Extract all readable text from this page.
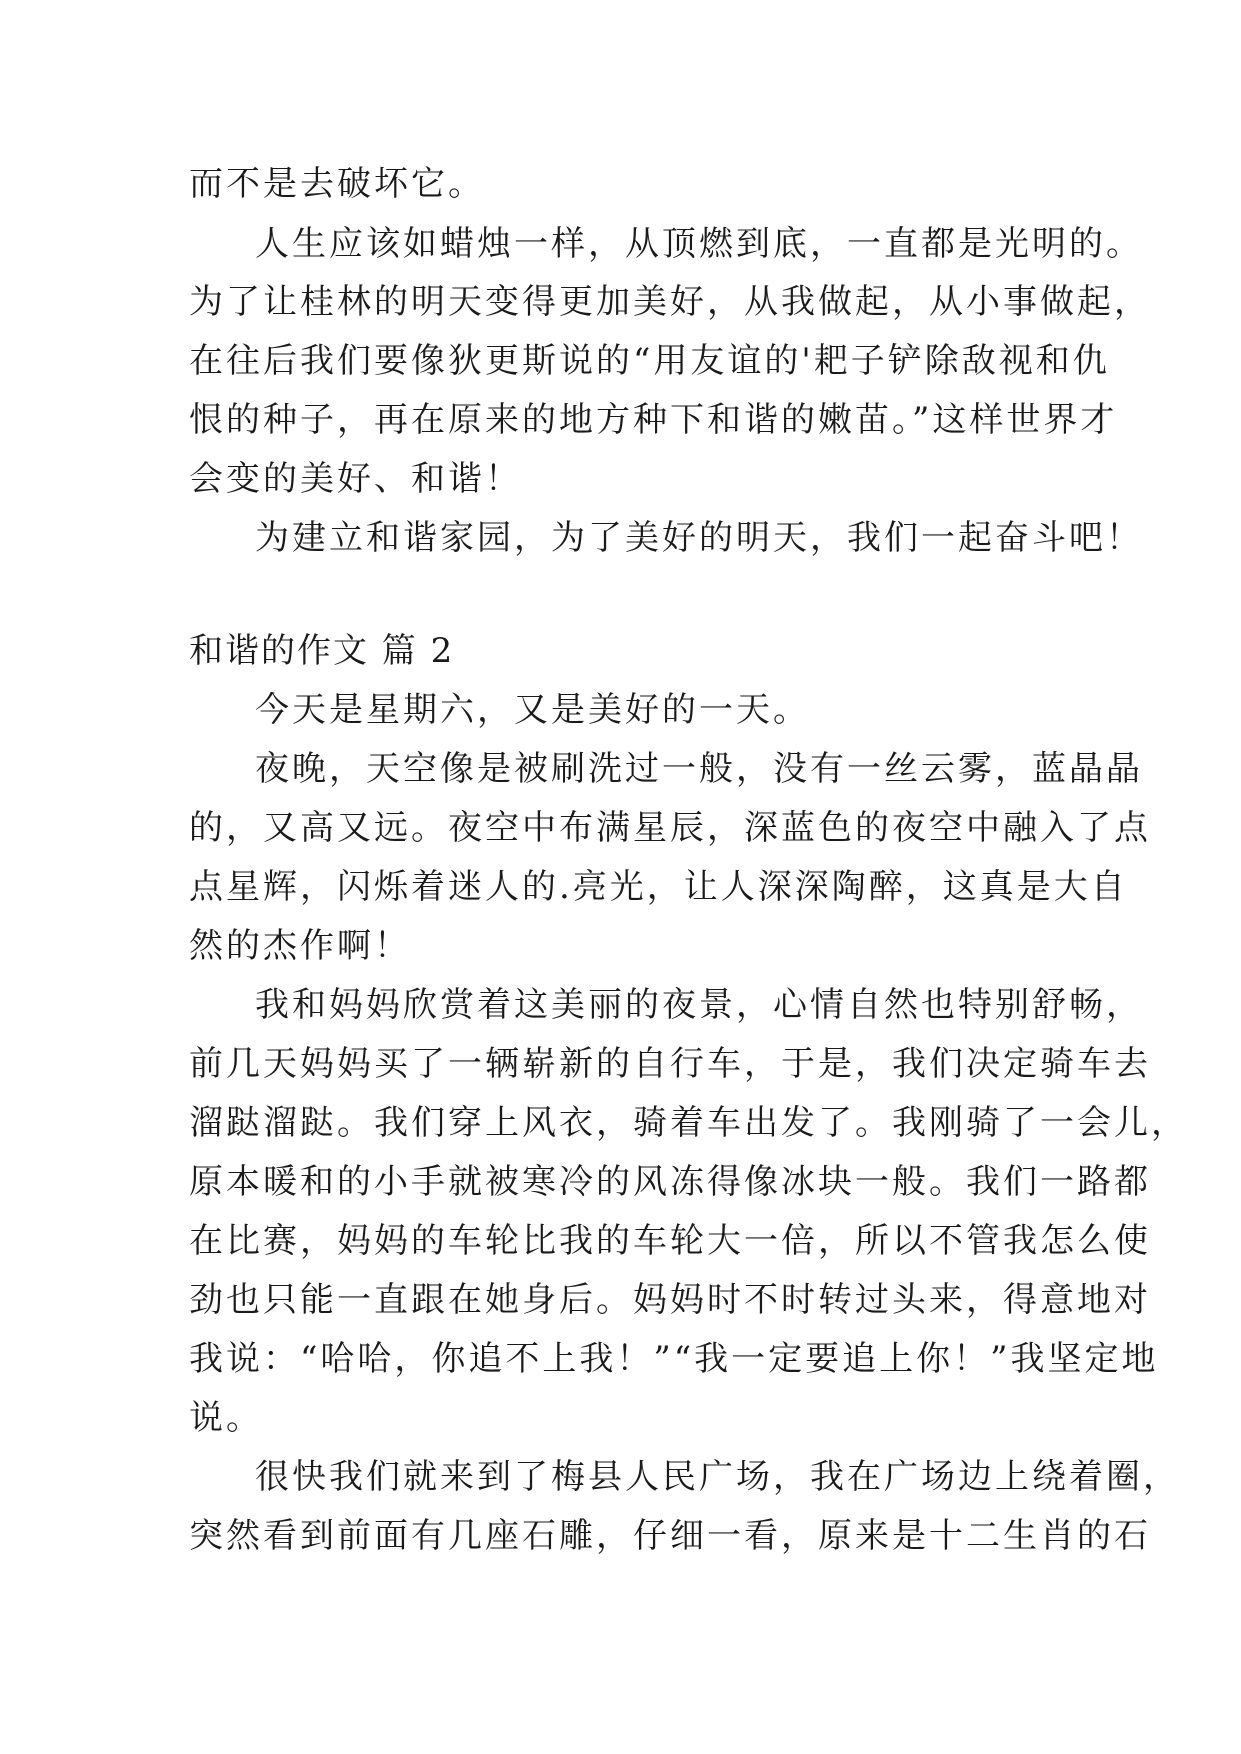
而不是去破坏它。
人生应该如蜡烛一样，从顶燃到底，一直都是光明的。
为了让桂林的明天变得更加美好，从我做起，从小事做起，
在往后我们要像狄更斯说的“用友谊的'耙子铲除敌视和仇
恨的种子，再在原来的地方种下和谐的嫩苗。”这样世界才
会变的美好、和谐！
为建立和谐家园，为了美好的明天，我们一起奋斗吧！
和谐的作文 篇 2
今天是星期六，又是美好的一天。
夜晚，天空像是被刷洗过一般，没有一丝云雾，蓝晶晶
的，又高又远。夜空中布满星辰，深蓝色的夜空中融入了点
点星辉，闪烁着迷人的.亮光，让人深深陶醉，这真是大自
然的杰作啊！
我和妈妈欣赏着这美丽的夜景，心情自然也特别舒畅，
前几天妈妈买了一辆崭新的自行车，于是，我们决定骑车去
溜跶溜跶。我们穿上风衣，骑着车出发了。我刚骑了一会儿，
原本暖和的小手就被寒冷的风冻得像冰块一般。我们一路都
在比赛，妈妈的车轮比我的车轮大一倍，所以不管我怎么使
劲也只能一直跟在她身后。妈妈时不时转过头来，得意地对
我说：“哈哈，你追不上我！”“我一定要追上你！”我坚定地
说。
很快我们就来到了梅县人民广场，我在广场边上绕着圈，
突然看到前面有几座石雕，仔细一看，原来是十二生肖的石
